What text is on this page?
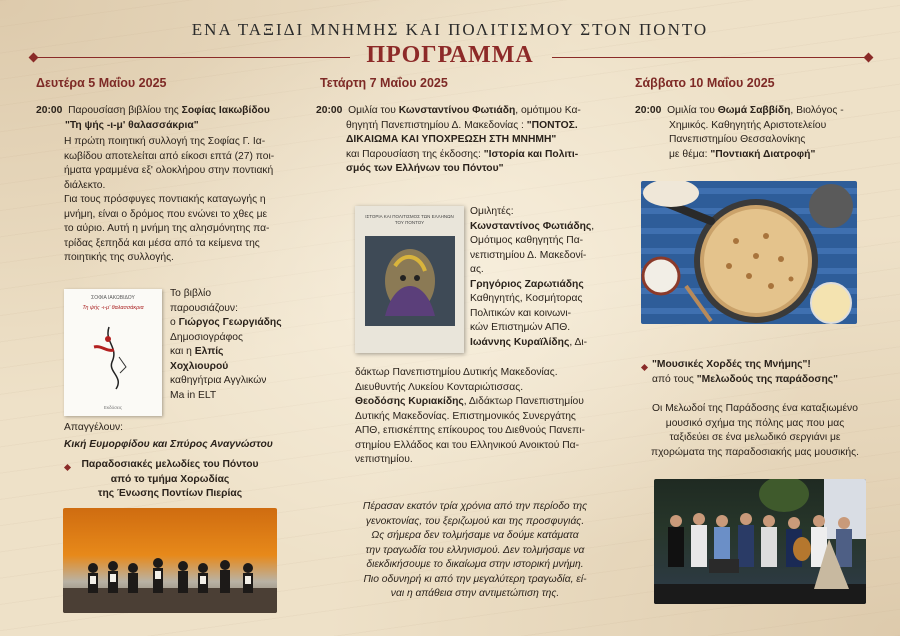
ΕΝΑ ΤΑΞΙΔΙ ΜΝΗΜΗΣ ΚΑΙ ΠΟΛΙΤΙΣΜΟΥ ΣΤΟΝ ΠΟΝΤΟ
ΠΡΟΓΡΑΜΜΑ
Δευτέρα 5 Μαΐου 2025
20:00 Παρουσίαση βιβλίου της Σοφίας Ιακωβίδου
"Τη ψής -ι-μ' θαλασσάκρια"
Η πρώτη ποιητική συλλογή της Σοφίας Γ. Ια-
κωβίδου αποτελείται από είκοσι επτά (27) ποι-
ήματα γραμμένα εξ' ολοκλήρου στην ποντιακή
διάλεκτο.
Για τους πρόσφυγες ποντιακής καταγωγής η
μνήμη, είναι ο δρόμος που ενώνει το χθες με
το αύριο. Αυτή η μνήμη της αλησμόνητης πα-
τρίδας ξεπηδά και μέσα από τα κείμενα της
ποιητικής της συλλογής.
ΣΟΦΙΑ ΙΑΚΩΒΙΔΟΥ
Τη ψής -ι-μ' θαλασσάκρια
Εκδόσεις
Το βιβλίο
παρουσιάζουν:
ο Γιώργος Γεωργιάδης
Δημοσιογράφος
και η Ελπίς
Χοχλιουρού
καθηγήτρια Αγγλικών
Ma in ELT
Απαγγέλουν:
Κική Ευμορφίδου και Σπύρος Αναγνώστου
Παραδοσιακές μελωδίες του Πόντου
από το τμήμα Χορωδίας
της Ένωσης Ποντίων Πιερίας
Τετάρτη 7 Μαΐου 2025
20:00 Ομιλία του Κωνσταντίνου Φωτιάδη, ομότιμου Κα-
θηγητή Πανεπιστημίου Δ. Μακεδονίας : "ΠΟΝΤΟΣ.
ΔΙΚΑΙΩΜΑ ΚΑΙ ΥΠΟΧΡΕΩΣΗ ΣΤΗ ΜΝΗΜΗ"
και Παρουσίαση της έκδοσης: "Ιστορία και Πολιτι-
σμός των Ελλήνων του Πόντου"
ΙΣΤΟΡΙΑ ΚΑΙ ΠΟΛΙΤΙΣΜΟΣ ΤΩΝ ΕΛΛΗΝΩΝ ΤΟΥ ΠΟΝΤΟΥ
Ομιλητές:
Κωνσταντίνος Φωτιάδης,
Ομότιμος καθηγητής Πα-
νεπιστημίου Δ. Μακεδονί-
ας.
Γρηγόριος Ζαρωτιάδης
Καθηγητής, Κοσμήτορας
Πολιτικών και κοινωνι-
κών Επιστημών ΑΠΘ.
Ιωάννης Κυραϊλίδης, Δι-
δάκτωρ Πανεπιστημίου Δυτικής Μακεδονίας.
Διευθυντής Λυκείου Κονταριώτισσας.
Θεοδόσης Κυριακίδης, Διδάκτωρ Πανεπιστημίου
Δυτικής Μακεδονίας. Επιστημονικός Συνεργάτης
ΑΠΘ, επισκέπτης επίκουρος του Διεθνούς Πανεπι-
στημίου Ελλάδος και του Ελληνικού Ανοικτού Πα-
νεπιστημίου.
Πέρασαν εκατόν τρία χρόνια από την περίοδο της
γενοκτονίας, του ξεριζωμού και της προσφυγιάς.
Ως σήμερα δεν τολμήσαμε να δούμε κατάματα
την τραγωδία του ελληνισμού. Δεν τολμήσαμε να
διεκδικήσουμε το δικαίωμα στην ιστορική μνήμη.
Πιο οδυνηρή κι από την μεγαλύτερη τραγωδία, εί-
ναι η απάθεια στην αντιμετώπιση της.
Σάββατο 10 Μαΐου 2025
20:00 Ομιλία του Θωμά Σαββίδη, Βιολόγος -
Χημικός. Καθηγητής Αριστοτελείου
Πανεπιστημίου Θεσσαλονίκης
με θέμα: "Ποντιακή Διατροφή"
"Μουσικές Χορδές της Μνήμης"!
από τους "Μελωδούς της παράδοσης"
Οι Μελωδοί της Παράδοσης ένα καταξιωμένο
μουσικό σχήμα της πόλης μας που μας
ταξιδεύει σε ένα μελωδικό σεργιάνι με
πχορώματα της παραδοσιακής μας μουσικής.
